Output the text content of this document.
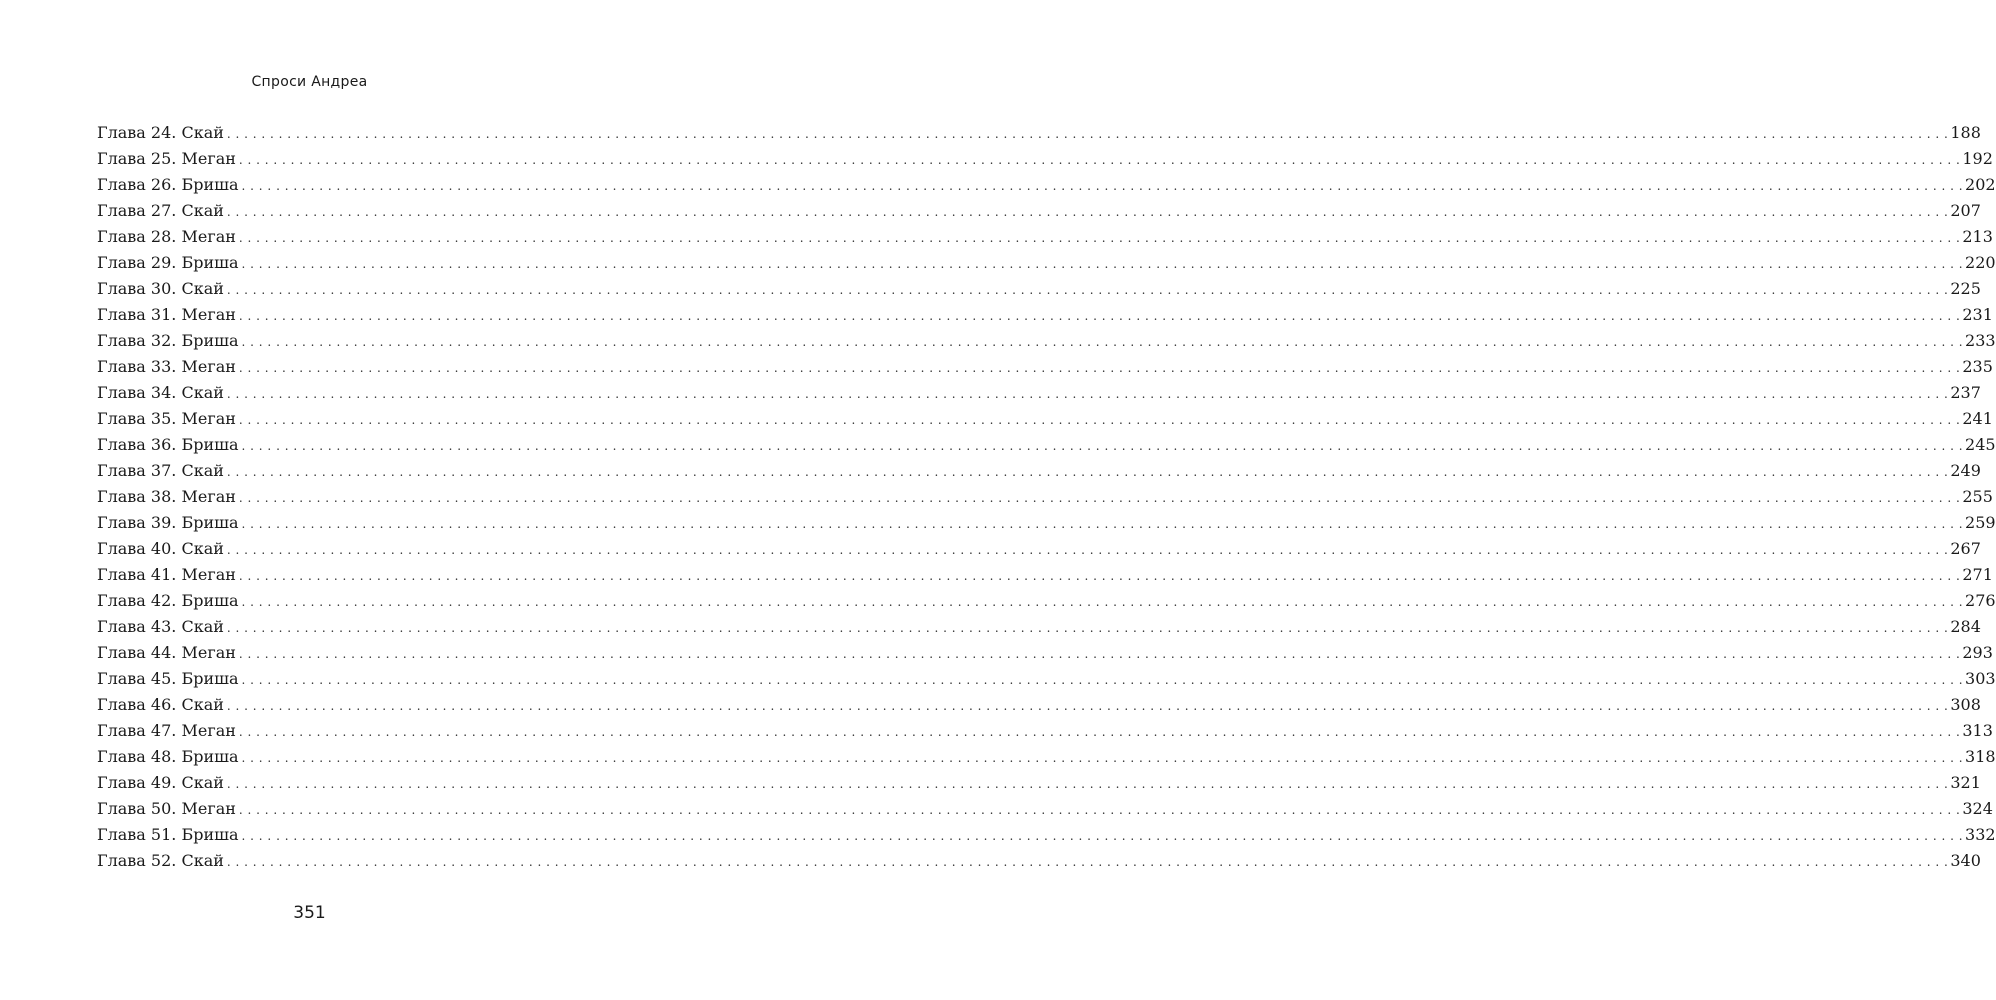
Спроси Андреа
Глава 24. Скай . . . . . . . . . . . . . . . . . . . . . . . . . . . . . . . . . . . . . . . . . . . . . . . . . . . . . . . . . . . . . . . . . . . . . . . . . . . . . . . . . . . . . . . . . . . . . . . . . . . . . . . . . . . . . . . . . . . . . . . . . . . . . . . . . . . . . . . . . . . . . . . . . . . . . . . . . . . . . . . . . . . . . . . . . . . . . . . . . . . . . . . . . . . . . . . . . . . . . . . . 188
Глава 25. Меган . . . . . . . . . . . . . . . . . . . . . . . . . . . . . . . . . . . . . . . . . . . . . . . . . . . . . . . . . . . . . . . . . . . . . . . . . . . . . . . . . . . . . . . . . . . . . . . . . . . . . . . . . . . . . . . . . . . . . . . . . . . . . . . . . . . . . . . . . . . . . . . . . . . . . . . . . . . . . . . . . . . . . . . . . . . . . . . . . . . . . . . . . . . . . . . . . . . . . . . . 192
Глава 26. Бриша . . . . . . . . . . . . . . . . . . . . . . . . . . . . . . . . . . . . . . . . . . . . . . . . . . . . . . . . . . . . . . . . . . . . . . . . . . . . . . . . . . . . . . . . . . . . . . . . . . . . . . . . . . . . . . . . . . . . . . . . . . . . . . . . . . . . . . . . . . . . . . . . . . . . . . . . . . . . . . . . . . . . . . . . . . . . . . . . . . . . . . . . . . . . . . . . . . . . . . . . 202
Глава 27. Скай . . . . . . . . . . . . . . . . . . . . . . . . . . . . . . . . . . . . . . . . . . . . . . . . . . . . . . . . . . . . . . . . . . . . . . . . . . . . . . . . . . . . . . . . . . . . . . . . . . . . . . . . . . . . . . . . . . . . . . . . . . . . . . . . . . . . . . . . . . . . . . . . . . . . . . . . . . . . . . . . . . . . . . . . . . . . . . . . . . . . . . . . . . . . . . . . . . . . . . . . 207
Глава 28. Меган . . . . . . . . . . . . . . . . . . . . . . . . . . . . . . . . . . . . . . . . . . . . . . . . . . . . . . . . . . . . . . . . . . . . . . . . . . . . . . . . . . . . . . . . . . . . . . . . . . . . . . . . . . . . . . . . . . . . . . . . . . . . . . . . . . . . . . . . . . . . . . . . . . . . . . . . . . . . . . . . . . . . . . . . . . . . . . . . . . . . . . . . . . . . . . . . . . . . . . . . 213
Глава 29. Бриша . . . . . . . . . . . . . . . . . . . . . . . . . . . . . . . . . . . . . . . . . . . . . . . . . . . . . . . . . . . . . . . . . . . . . . . . . . . . . . . . . . . . . . . . . . . . . . . . . . . . . . . . . . . . . . . . . . . . . . . . . . . . . . . . . . . . . . . . . . . . . . . . . . . . . . . . . . . . . . . . . . . . . . . . . . . . . . . . . . . . . . . . . . . . . . . . . . . . . . . . 220
Глава 30. Скай . . . . . . . . . . . . . . . . . . . . . . . . . . . . . . . . . . . . . . . . . . . . . . . . . . . . . . . . . . . . . . . . . . . . . . . . . . . . . . . . . . . . . . . . . . . . . . . . . . . . . . . . . . . . . . . . . . . . . . . . . . . . . . . . . . . . . . . . . . . . . . . . . . . . . . . . . . . . . . . . . . . . . . . . . . . . . . . . . . . . . . . . . . . . . . . . . . . . . . . . 225
Глава 31. Меган . . . . . . . . . . . . . . . . . . . . . . . . . . . . . . . . . . . . . . . . . . . . . . . . . . . . . . . . . . . . . . . . . . . . . . . . . . . . . . . . . . . . . . . . . . . . . . . . . . . . . . . . . . . . . . . . . . . . . . . . . . . . . . . . . . . . . . . . . . . . . . . . . . . . . . . . . . . . . . . . . . . . . . . . . . . . . . . . . . . . . . . . . . . . . . . . . . . . . . . . 231
Глава 32. Бриша . . . . . . . . . . . . . . . . . . . . . . . . . . . . . . . . . . . . . . . . . . . . . . . . . . . . . . . . . . . . . . . . . . . . . . . . . . . . . . . . . . . . . . . . . . . . . . . . . . . . . . . . . . . . . . . . . . . . . . . . . . . . . . . . . . . . . . . . . . . . . . . . . . . . . . . . . . . . . . . . . . . . . . . . . . . . . . . . . . . . . . . . . . . . . . . . . . . . . . . . 233
Глава 33. Меган . . . . . . . . . . . . . . . . . . . . . . . . . . . . . . . . . . . . . . . . . . . . . . . . . . . . . . . . . . . . . . . . . . . . . . . . . . . . . . . . . . . . . . . . . . . . . . . . . . . . . . . . . . . . . . . . . . . . . . . . . . . . . . . . . . . . . . . . . . . . . . . . . . . . . . . . . . . . . . . . . . . . . . . . . . . . . . . . . . . . . . . . . . . . . . . . . . . . . . . . 235
Глава 34. Скай . . . . . . . . . . . . . . . . . . . . . . . . . . . . . . . . . . . . . . . . . . . . . . . . . . . . . . . . . . . . . . . . . . . . . . . . . . . . . . . . . . . . . . . . . . . . . . . . . . . . . . . . . . . . . . . . . . . . . . . . . . . . . . . . . . . . . . . . . . . . . . . . . . . . . . . . . . . . . . . . . . . . . . . . . . . . . . . . . . . . . . . . . . . . . . . . . . . . . . . . 237
Глава 35. Меган . . . . . . . . . . . . . . . . . . . . . . . . . . . . . . . . . . . . . . . . . . . . . . . . . . . . . . . . . . . . . . . . . . . . . . . . . . . . . . . . . . . . . . . . . . . . . . . . . . . . . . . . . . . . . . . . . . . . . . . . . . . . . . . . . . . . . . . . . . . . . . . . . . . . . . . . . . . . . . . . . . . . . . . . . . . . . . . . . . . . . . . . . . . . . . . . . . . . . . . . 241
Глава 36. Бриша . . . . . . . . . . . . . . . . . . . . . . . . . . . . . . . . . . . . . . . . . . . . . . . . . . . . . . . . . . . . . . . . . . . . . . . . . . . . . . . . . . . . . . . . . . . . . . . . . . . . . . . . . . . . . . . . . . . . . . . . . . . . . . . . . . . . . . . . . . . . . . . . . . . . . . . . . . . . . . . . . . . . . . . . . . . . . . . . . . . . . . . . . . . . . . . . . . . . . . . . 245
Глава 37. Скай . . . . . . . . . . . . . . . . . . . . . . . . . . . . . . . . . . . . . . . . . . . . . . . . . . . . . . . . . . . . . . . . . . . . . . . . . . . . . . . . . . . . . . . . . . . . . . . . . . . . . . . . . . . . . . . . . . . . . . . . . . . . . . . . . . . . . . . . . . . . . . . . . . . . . . . . . . . . . . . . . . . . . . . . . . . . . . . . . . . . . . . . . . . . . . . . . . . . . . . . 249
Глава 38. Меган . . . . . . . . . . . . . . . . . . . . . . . . . . . . . . . . . . . . . . . . . . . . . . . . . . . . . . . . . . . . . . . . . . . . . . . . . . . . . . . . . . . . . . . . . . . . . . . . . . . . . . . . . . . . . . . . . . . . . . . . . . . . . . . . . . . . . . . . . . . . . . . . . . . . . . . . . . . . . . . . . . . . . . . . . . . . . . . . . . . . . . . . . . . . . . . . . . . . . . . . 255
Глава 39. Бриша . . . . . . . . . . . . . . . . . . . . . . . . . . . . . . . . . . . . . . . . . . . . . . . . . . . . . . . . . . . . . . . . . . . . . . . . . . . . . . . . . . . . . . . . . . . . . . . . . . . . . . . . . . . . . . . . . . . . . . . . . . . . . . . . . . . . . . . . . . . . . . . . . . . . . . . . . . . . . . . . . . . . . . . . . . . . . . . . . . . . . . . . . . . . . . . . . . . . . . . . 259
Глава 40. Скай . . . . . . . . . . . . . . . . . . . . . . . . . . . . . . . . . . . . . . . . . . . . . . . . . . . . . . . . . . . . . . . . . . . . . . . . . . . . . . . . . . . . . . . . . . . . . . . . . . . . . . . . . . . . . . . . . . . . . . . . . . . . . . . . . . . . . . . . . . . . . . . . . . . . . . . . . . . . . . . . . . . . . . . . . . . . . . . . . . . . . . . . . . . . . . . . . . . . . . . . 267
Глава 41. Меган . . . . . . . . . . . . . . . . . . . . . . . . . . . . . . . . . . . . . . . . . . . . . . . . . . . . . . . . . . . . . . . . . . . . . . . . . . . . . . . . . . . . . . . . . . . . . . . . . . . . . . . . . . . . . . . . . . . . . . . . . . . . . . . . . . . . . . . . . . . . . . . . . . . . . . . . . . . . . . . . . . . . . . . . . . . . . . . . . . . . . . . . . . . . . . . . . . . . . . . . 271
Глава 42. Бриша . . . . . . . . . . . . . . . . . . . . . . . . . . . . . . . . . . . . . . . . . . . . . . . . . . . . . . . . . . . . . . . . . . . . . . . . . . . . . . . . . . . . . . . . . . . . . . . . . . . . . . . . . . . . . . . . . . . . . . . . . . . . . . . . . . . . . . . . . . . . . . . . . . . . . . . . . . . . . . . . . . . . . . . . . . . . . . . . . . . . . . . . . . . . . . . . . . . . . . . . 276
Глава 43. Скай . . . . . . . . . . . . . . . . . . . . . . . . . . . . . . . . . . . . . . . . . . . . . . . . . . . . . . . . . . . . . . . . . . . . . . . . . . . . . . . . . . . . . . . . . . . . . . . . . . . . . . . . . . . . . . . . . . . . . . . . . . . . . . . . . . . . . . . . . . . . . . . . . . . . . . . . . . . . . . . . . . . . . . . . . . . . . . . . . . . . . . . . . . . . . . . . . . . . . . . . 284
Глава 44. Меган . . . . . . . . . . . . . . . . . . . . . . . . . . . . . . . . . . . . . . . . . . . . . . . . . . . . . . . . . . . . . . . . . . . . . . . . . . . . . . . . . . . . . . . . . . . . . . . . . . . . . . . . . . . . . . . . . . . . . . . . . . . . . . . . . . . . . . . . . . . . . . . . . . . . . . . . . . . . . . . . . . . . . . . . . . . . . . . . . . . . . . . . . . . . . . . . . . . . . . . . 293
Глава 45. Бриша . . . . . . . . . . . . . . . . . . . . . . . . . . . . . . . . . . . . . . . . . . . . . . . . . . . . . . . . . . . . . . . . . . . . . . . . . . . . . . . . . . . . . . . . . . . . . . . . . . . . . . . . . . . . . . . . . . . . . . . . . . . . . . . . . . . . . . . . . . . . . . . . . . . . . . . . . . . . . . . . . . . . . . . . . . . . . . . . . . . . . . . . . . . . . . . . . . . . . . . . 303
Глава 46. Скай . . . . . . . . . . . . . . . . . . . . . . . . . . . . . . . . . . . . . . . . . . . . . . . . . . . . . . . . . . . . . . . . . . . . . . . . . . . . . . . . . . . . . . . . . . . . . . . . . . . . . . . . . . . . . . . . . . . . . . . . . . . . . . . . . . . . . . . . . . . . . . . . . . . . . . . . . . . . . . . . . . . . . . . . . . . . . . . . . . . . . . . . . . . . . . . . . . . . . . . . 308
Глава 47. Меган . . . . . . . . . . . . . . . . . . . . . . . . . . . . . . . . . . . . . . . . . . . . . . . . . . . . . . . . . . . . . . . . . . . . . . . . . . . . . . . . . . . . . . . . . . . . . . . . . . . . . . . . . . . . . . . . . . . . . . . . . . . . . . . . . . . . . . . . . . . . . . . . . . . . . . . . . . . . . . . . . . . . . . . . . . . . . . . . . . . . . . . . . . . . . . . . . . . . . . . . 313
Глава 48. Бриша . . . . . . . . . . . . . . . . . . . . . . . . . . . . . . . . . . . . . . . . . . . . . . . . . . . . . . . . . . . . . . . . . . . . . . . . . . . . . . . . . . . . . . . . . . . . . . . . . . . . . . . . . . . . . . . . . . . . . . . . . . . . . . . . . . . . . . . . . . . . . . . . . . . . . . . . . . . . . . . . . . . . . . . . . . . . . . . . . . . . . . . . . . . . . . . . . . . . . . . . 318
Глава 49. Скай . . . . . . . . . . . . . . . . . . . . . . . . . . . . . . . . . . . . . . . . . . . . . . . . . . . . . . . . . . . . . . . . . . . . . . . . . . . . . . . . . . . . . . . . . . . . . . . . . . . . . . . . . . . . . . . . . . . . . . . . . . . . . . . . . . . . . . . . . . . . . . . . . . . . . . . . . . . . . . . . . . . . . . . . . . . . . . . . . . . . . . . . . . . . . . . . . . . . . . . . 321
Глава 50. Меган . . . . . . . . . . . . . . . . . . . . . . . . . . . . . . . . . . . . . . . . . . . . . . . . . . . . . . . . . . . . . . . . . . . . . . . . . . . . . . . . . . . . . . . . . . . . . . . . . . . . . . . . . . . . . . . . . . . . . . . . . . . . . . . . . . . . . . . . . . . . . . . . . . . . . . . . . . . . . . . . . . . . . . . . . . . . . . . . . . . . . . . . . . . . . . . . . . . . . . . . 324
Глава 51. Бриша . . . . . . . . . . . . . . . . . . . . . . . . . . . . . . . . . . . . . . . . . . . . . . . . . . . . . . . . . . . . . . . . . . . . . . . . . . . . . . . . . . . . . . . . . . . . . . . . . . . . . . . . . . . . . . . . . . . . . . . . . . . . . . . . . . . . . . . . . . . . . . . . . . . . . . . . . . . . . . . . . . . . . . . . . . . . . . . . . . . . . . . . . . . . . . . . . . . . . . . . 332
Глава 52. Скай . . . . . . . . . . . . . . . . . . . . . . . . . . . . . . . . . . . . . . . . . . . . . . . . . . . . . . . . . . . . . . . . . . . . . . . . . . . . . . . . . . . . . . . . . . . . . . . . . . . . . . . . . . . . . . . . . . . . . . . . . . . . . . . . . . . . . . . . . . . . . . . . . . . . . . . . . . . . . . . . . . . . . . . . . . . . . . . . . . . . . . . . . . . . . . . . . . . . . . . . 340
351
